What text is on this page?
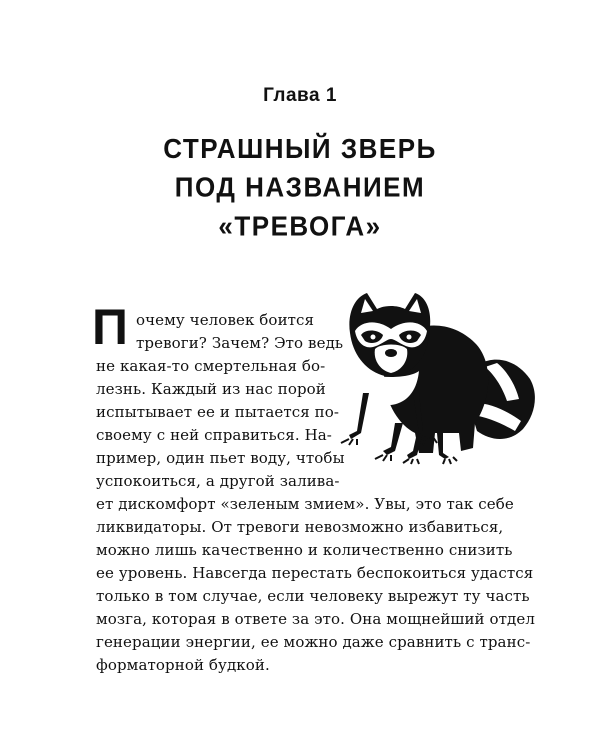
Глава 1
СТРАШНЫЙ ЗВЕРЬ
ПОД НАЗВАНИЕМ
«ТРЕВОГА»
П очему человек боится
тревоги? Зачем? Это ведь
не какая-то смертельная бо-
лезнь. Каждый из нас порой
испытывает ее и пытается по-
своему с ней справиться. На-
пример, один пьет воду, чтобы
успокоиться, а другой залива-
ет дискомфорт «зеленым змием». Увы, это так себе
ликвидаторы. От тревоги невозможно избавиться,
можно лишь качественно и количественно снизить
ее уровень. Навсегда перестать беспокоиться удастся
только в том случае, если человеку вырежут ту часть
мозга, которая в ответе за это. Она мощнейший отдел
генерации энергии, ее можно даже сравнить с транс-
форматорной будкой.
